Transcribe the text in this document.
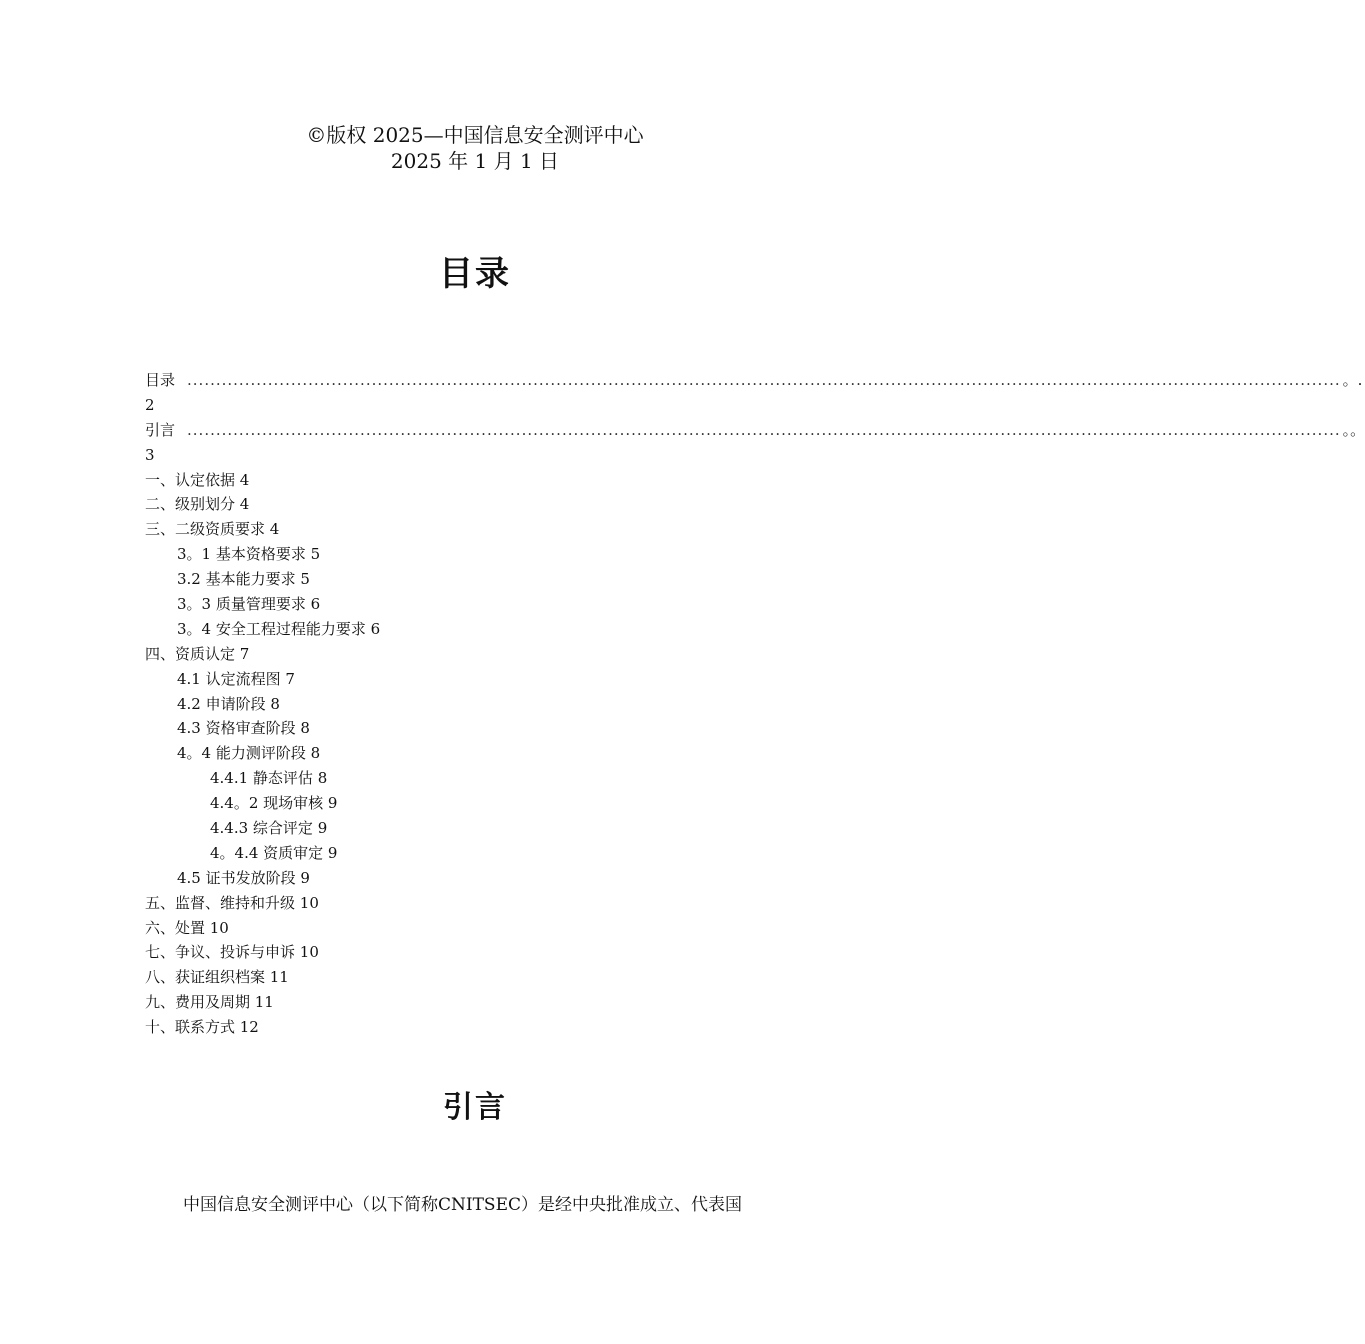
©版权 2025—中国信息安全测评中心
2025 年 1 月 1 日
目录
目录 ........................................................................................................................................................................................................ 。.
2
引言 ........................................................................................................................................................................................................ 。。
3
一、认定依据 4
二、级别划分 4
三、二级资质要求 4
3。1 基本资格要求 5
3.2 基本能力要求 5
3。3 质量管理要求 6
3。4 安全工程过程能力要求 6
四、资质认定 7
4.1 认定流程图 7
4.2 申请阶段 8
4.3 资格审查阶段 8
4。4 能力测评阶段 8
4.4.1 静态评估 8
4.4。2 现场审核 9
4.4.3 综合评定 9
4。4.4 资质审定 9
4.5 证书发放阶段 9
五、监督、维持和升级 10
六、处置 10
七、争议、投诉与申诉 10
八、获证组织档案 11
九、费用及周期 11
十、联系方式 12
引言
中国信息安全测评中心（以下简称CNITSEC）是经中央批准成立、代表国
